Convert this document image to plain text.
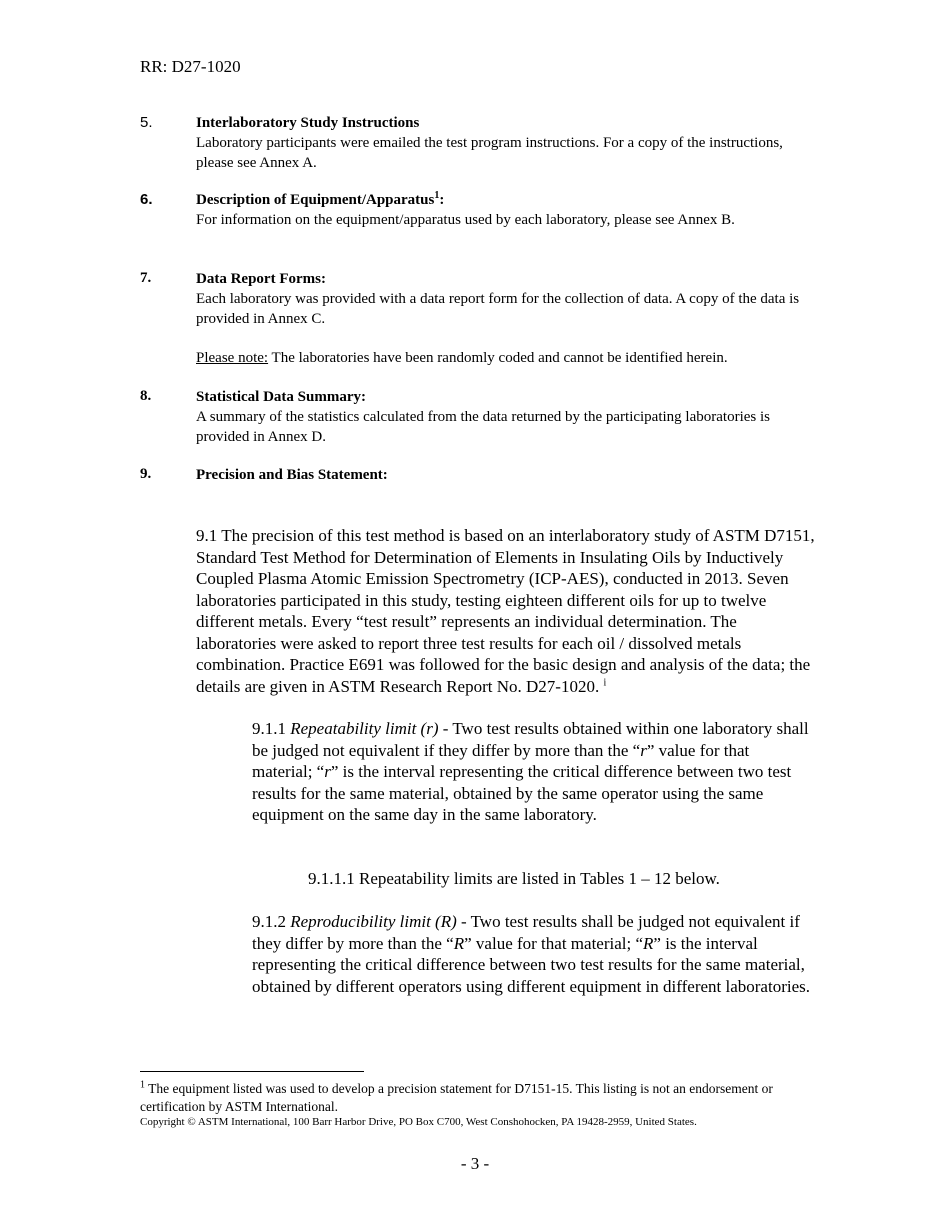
RR: D27-1020
5.	Interlaboratory Study Instructions
Laboratory participants were emailed the test program instructions. For a copy of the instructions, please see Annex A.
6.	Description of Equipment/Apparatus$^1$:
For information on the equipment/apparatus used by each laboratory, please see Annex B.
7.	Data Report Forms:
Each laboratory was provided with a data report form for the collection of data. A copy of the data is provided in Annex C.
Please note: The laboratories have been randomly coded and cannot be identified herein.
8.	Statistical Data Summary:
A summary of the statistics calculated from the data returned by the participating laboratories is provided in Annex D.
9.	Precision and Bias Statement:
9.1 The precision of this test method is based on an interlaboratory study of ASTM D7151, Standard Test Method for Determination of Elements in Insulating Oils by Inductively Coupled Plasma Atomic Emission Spectrometry (ICP-AES), conducted in 2013. Seven laboratories participated in this study, testing eighteen different oils for up to twelve different metals. Every “test result” represents an individual determination. The laboratories were asked to report three test results for each oil / dissolved metals combination. Practice E691 was followed for the basic design and analysis of the data; the details are given in ASTM Research Report No. D27-1020. $^i$
9.1.1 Repeatability limit (r) - Two test results obtained within one laboratory shall be judged not equivalent if they differ by more than the “r” value for that material; “r” is the interval representing the critical difference between two test results for the same material, obtained by the same operator using the same equipment on the same day in the same laboratory.
9.1.1.1 Repeatability limits are listed in Tables 1 – 12 below.
9.1.2 Reproducibility limit (R) - Two test results shall be judged not equivalent if they differ by more than the “R” value for that material; “R” is the interval representing the critical difference between two test results for the same material, obtained by different operators using different equipment in different laboratories.
$^1$ The equipment listed was used to develop a precision statement for D7151-15. This listing is not an endorsement or certification by ASTM International.
Copyright © ASTM International, 100 Barr Harbor Drive, PO Box C700, West Conshohocken, PA 19428-2959, United States.
- 3 -
